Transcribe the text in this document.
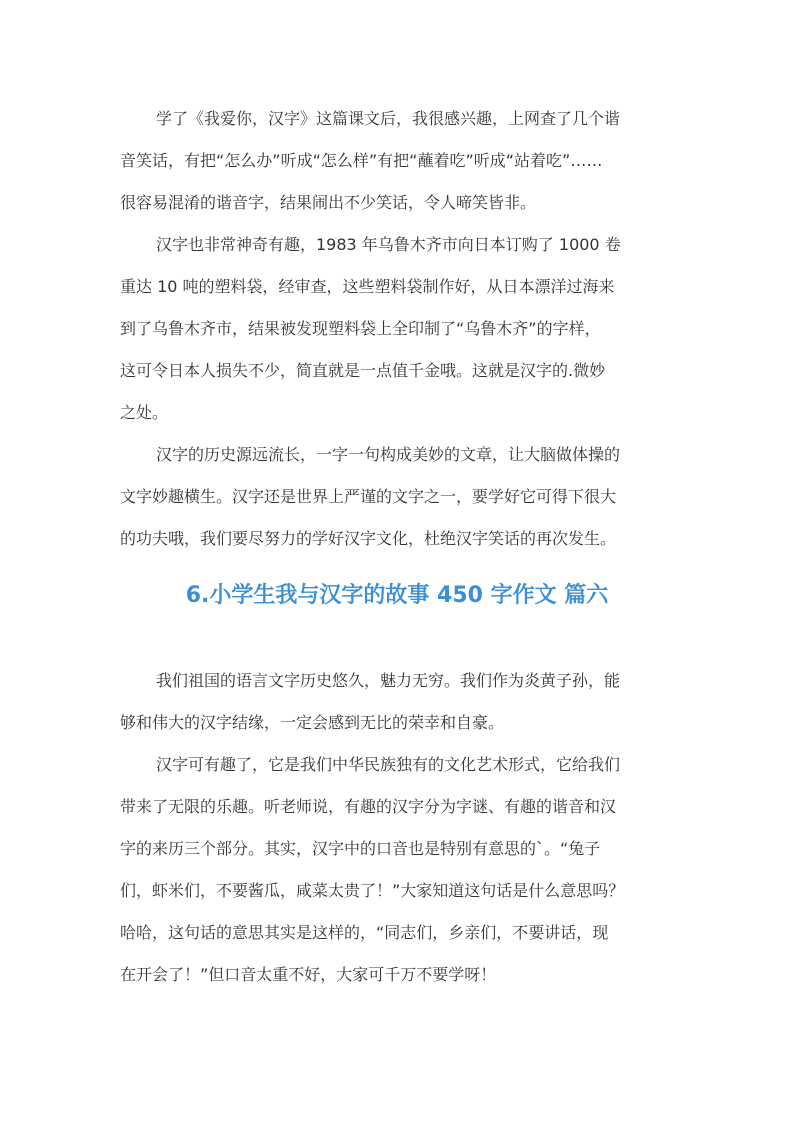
学了《我爱你，汉字》这篇课文后，我很感兴趣，上网查了几个谐
音笑话，有把“怎么办”听成“怎么样”有把“蘸着吃”听成“站着吃”……
很容易混淆的谐音字，结果闹出不少笑话，令人啼笑皆非。
汉字也非常神奇有趣，1983 年乌鲁木齐市向日本订购了 1000 卷
重达 10 吨的塑料袋，经审查，这些塑料袋制作好，从日本漂洋过海来
到了乌鲁木齐市，结果被发现塑料袋上全印制了“乌鲁木齐”的字样，
这可令日本人损失不少，简直就是一点值千金哦。这就是汉字的.微妙
之处。
汉字的历史源远流长，一字一句构成美妙的文章，让大脑做体操的
文字妙趣横生。汉字还是世界上严谨的文字之一，要学好它可得下很大
的功夫哦，我们要尽努力的学好汉字文化，杜绝汉字笑话的再次发生。
6.小学生我与汉字的故事 450 字作文 篇六
我们祖国的语言文字历史悠久，魅力无穷。我们作为炎黄子孙，能
够和伟大的汉字结缘，一定会感到无比的荣幸和自豪。
汉字可有趣了，它是我们中华民族独有的文化艺术形式，它给我们
带来了无限的乐趣。听老师说，有趣的汉字分为字谜、有趣的谐音和汉
字的来历三个部分。其实，汉字中的口音也是特别有意思的`。“兔子
们，虾米们，不要酱瓜，咸菜太贵了！”大家知道这句话是什么意思吗？
哈哈，这句话的意思其实是这样的，“同志们，乡亲们，不要讲话，现
在开会了！”但口音太重不好，大家可千万不要学呀！
